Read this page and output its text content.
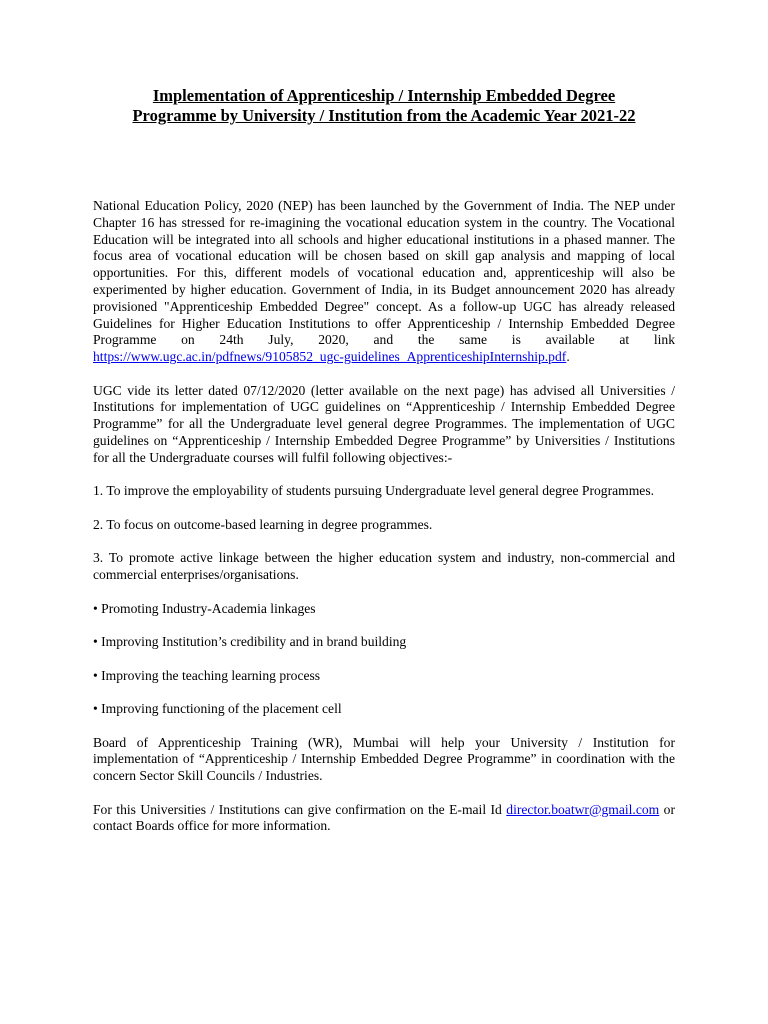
Implementation of Apprenticeship / Internship Embedded Degree
Programme by University / Institution from the Academic Year 2021-22

National Education Policy, 2020 (NEP) has been launched by the Government of India. The NEP under Chapter 16 has stressed for re-imagining the vocational education system in the country. The Vocational Education will be integrated into all schools and higher educational institutions in a phased manner. The focus area of vocational education will be chosen based on skill gap analysis and mapping of local opportunities. For this, different models of vocational education and, apprenticeship will also be experimented by higher education. Government of India, in its Budget announcement 2020 has already provisioned "Apprenticeship Embedded Degree" concept. As a follow-up UGC has already released Guidelines for Higher Education Institutions to offer Apprenticeship / Internship Embedded Degree Programme on 24th July, 2020, and the same is available at link https://www.ugc.ac.in/pdfnews/9105852_ugc-guidelines_ApprenticeshipInternship.pdf.

UGC vide its letter dated 07/12/2020 (letter available on the next page) has advised all Universities / Institutions for implementation of UGC guidelines on “Apprenticeship / Internship Embedded Degree Programme” for all the Undergraduate level general degree Programmes. The implementation of UGC guidelines on “Apprenticeship / Internship Embedded Degree Programme” by Universities / Institutions for all the Undergraduate courses will fulfil following objectives:-

1. To improve the employability of students pursuing Undergraduate level general degree Programmes.

2. To focus on outcome-based learning in degree programmes.

3. To promote active linkage between the higher education system and industry, non-commercial and commercial enterprises/organisations.

• Promoting Industry-Academia linkages

• Improving Institution’s credibility and in brand building

• Improving the teaching learning process

• Improving functioning of the placement cell

Board of Apprenticeship Training (WR), Mumbai will help your University / Institution for implementation of “Apprenticeship / Internship Embedded Degree Programme” in coordination with the concern Sector Skill Councils / Industries.

For this Universities / Institutions can give confirmation on the E-mail Id director.boatwr@gmail.com or contact Boards office for more information.
